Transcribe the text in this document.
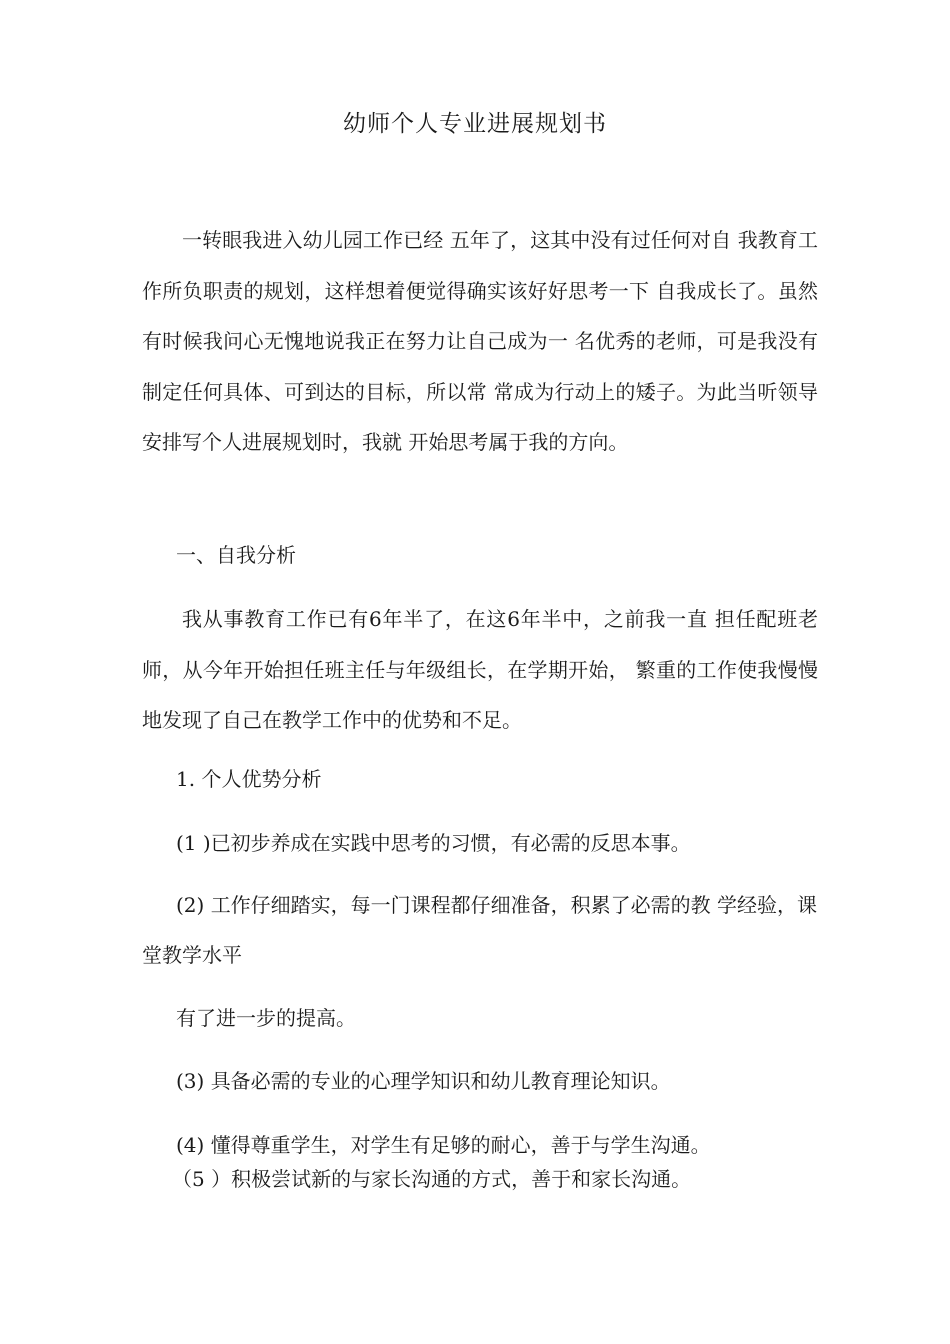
幼师个人专业进展规划书

一转眼我进入幼儿园工作已经 五年了，这其中没有过任何对自 我教育工作所负职责的规划，这样想着便觉得确实该好好思考一下 自我成长了。虽然有时候我问心无愧地说我正在努力让自己成为一 名优秀的老师，可是我没有制定任何具体、可到达的目标，所以常 常成为行动上的矮子。为此当听领导安排写个人进展规划时，我就 开始思考属于我的方向。

一、自我分析

我从事教育工作已有6年半了，在这6年半中，之前我一直 担任配班老师，从今年开始担任班主任与年级组长，在学期开始， 繁重的工作使我慢慢地发现了自己在教学工作中的优势和不足。

1. 个人优势分析
(1 )已初步养成在实践中思考的习惯，有必需的反思本事。
(2) 工作仔细踏实，每一门课程都仔细准备，积累了必需的教 学经验，课堂教学水平
有了进一步的提高。
(3) 具备必需的专业的心理学知识和幼儿教育理论知识。
(4) 懂得尊重学生，对学生有足够的耐心，善于与学生沟通。
（5 ）积极尝试新的与家长沟通的方式，善于和家长沟通。
